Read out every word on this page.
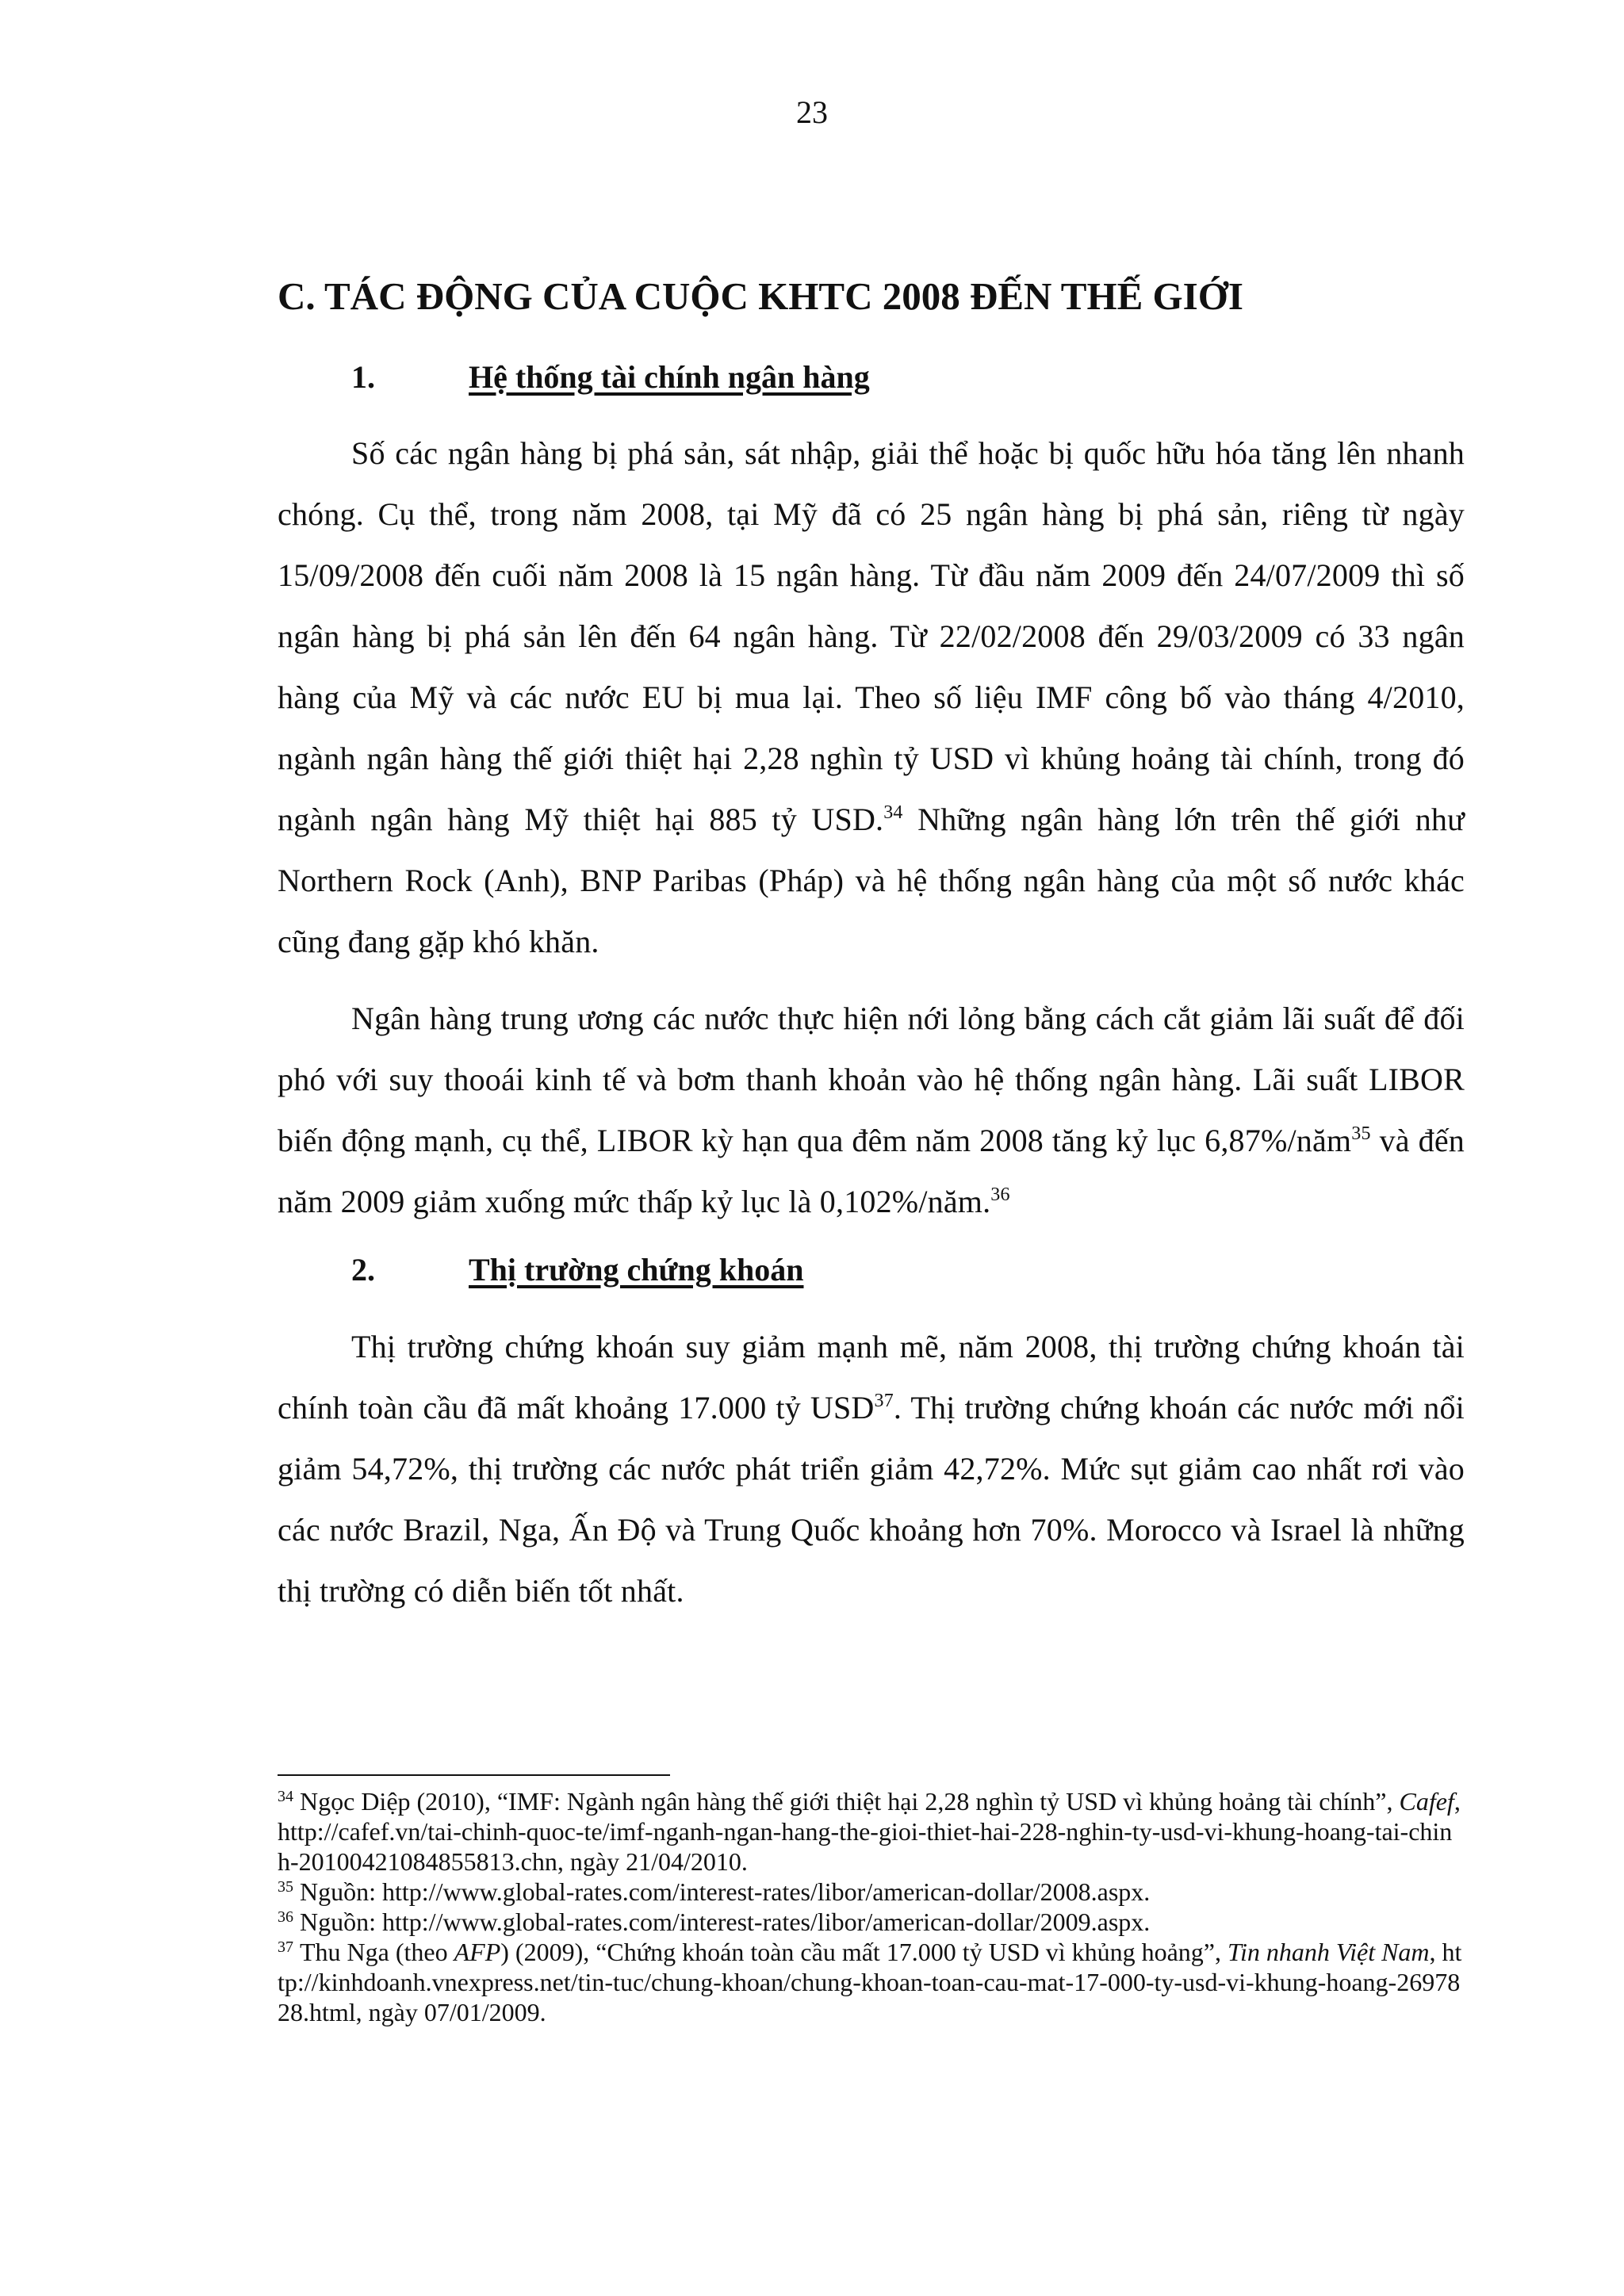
23
C. TÁC ĐỘNG CỦA CUỘC KHTC 2008 ĐẾN THẾ GIỚI
1.	Hệ thống tài chính ngân hàng

Số các ngân hàng bị phá sản, sát nhập, giải thể hoặc bị quốc hữu hóa tăng lên nhanh chóng. Cụ thể, trong năm 2008, tại Mỹ đã có 25 ngân hàng bị phá sản, riêng từ ngày 15/09/2008 đến cuối năm 2008 là 15 ngân hàng. Từ đầu năm 2009 đến 24/07/2009 thì số ngân hàng bị phá sản lên đến 64 ngân hàng. Từ 22/02/2008 đến 29/03/2009 có 33 ngân hàng của Mỹ và các nước EU bị mua lại. Theo số liệu IMF công bố vào tháng 4/2010, ngành ngân hàng thế giới thiệt hại 2,28 nghìn tỷ USD vì khủng hoảng tài chính, trong đó ngành ngân hàng Mỹ thiệt hại 885 tỷ USD.$^{34}$ Những ngân hàng lớn trên thế giới như Northern Rock (Anh), BNP Paribas (Pháp) và hệ thống ngân hàng của một số nước khác cũng đang gặp khó khăn.

Ngân hàng trung ương các nước thực hiện nới lỏng bằng cách cắt giảm lãi suất để đối phó với suy thooái kinh tế và bơm thanh khoản vào hệ thống ngân hàng. Lãi suất LIBOR biến động mạnh, cụ thể, LIBOR kỳ hạn qua đêm năm 2008 tăng kỷ lục 6,87%/năm$^{35}$ và đến năm 2009 giảm xuống mức thấp kỷ lục là 0,102%/năm.$^{36}$

2.	Thị trường chứng khoán

Thị trường chứng khoán suy giảm mạnh mẽ, năm 2008, thị trường chứng khoán tài chính toàn cầu đã mất khoảng 17.000 tỷ USD$^{37}$. Thị trường chứng khoán các nước mới nổi giảm 54,72%, thị trường các nước phát triển giảm 42,72%. Mức sụt giảm cao nhất rơi vào các nước Brazil, Nga, Ấn Độ và Trung Quốc khoảng hơn 70%. Morocco và Israel là những thị trường có diễn biến tốt nhất.

$^{34}$ Ngọc Diệp (2010), “IMF: Ngành ngân hàng thế giới thiệt hại 2,28 nghìn tỷ USD vì khủng hoảng tài chính”, Cafef, http://cafef.vn/tai-chinh-quoc-te/imf-nganh-ngan-hang-the-gioi-thiet-hai-228-nghin-ty-usd-vi-khung-hoang-tai-chinh-20100421084855813.chn, ngày 21/04/2010.

$^{35}$ Nguồn: http://www.global-rates.com/interest-rates/libor/american-dollar/2008.aspx.

$^{36}$ Nguồn: http://www.global-rates.com/interest-rates/libor/american-dollar/2009.aspx.

$^{37}$ Thu Nga (theo AFP) (2009), “Chứng khoán toàn cầu mất 17.000 tỷ USD vì khủng hoảng”, Tin nhanh Việt Nam, http://kinhdoanh.vnexpress.net/tin-tuc/chung-khoan/chung-khoan-toan-cau-mat-17-000-ty-usd-vi-khung-hoang-2697828.html, ngày 07/01/2009.
